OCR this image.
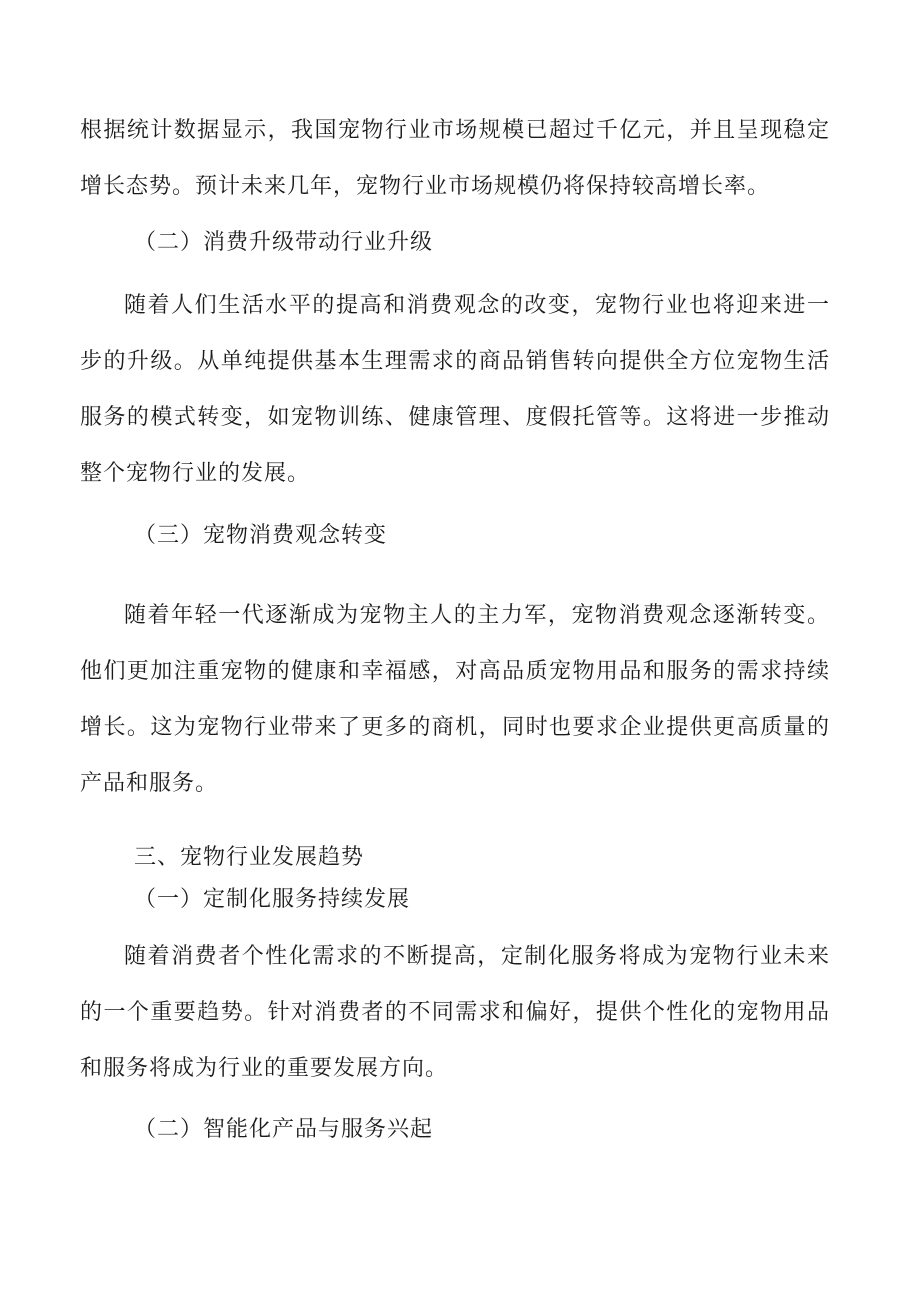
根据统计数据显示，我国宠物行业市场规模已超过千亿元，并且呈现稳定增长态势。预计未来几年，宠物行业市场规模仍将保持较高增长率。

（二）消费升级带动行业升级

随着人们生活水平的提高和消费观念的改变，宠物行业也将迎来进一步的升级。从单纯提供基本生理需求的商品销售转向提供全方位宠物生活服务的模式转变，如宠物训练、健康管理、度假托管等。这将进一步推动整个宠物行业的发展。

（三）宠物消费观念转变

随着年轻一代逐渐成为宠物主人的主力军，宠物消费观念逐渐转变。他们更加注重宠物的健康和幸福感，对高品质宠物用品和服务的需求持续增长。这为宠物行业带来了更多的商机，同时也要求企业提供更高质量的产品和服务。

三、宠物行业发展趋势
（一）定制化服务持续发展

随着消费者个性化需求的不断提高，定制化服务将成为宠物行业未来的一个重要趋势。针对消费者的不同需求和偏好，提供个性化的宠物用品和服务将成为行业的重要发展方向。

（二）智能化产品与服务兴起
